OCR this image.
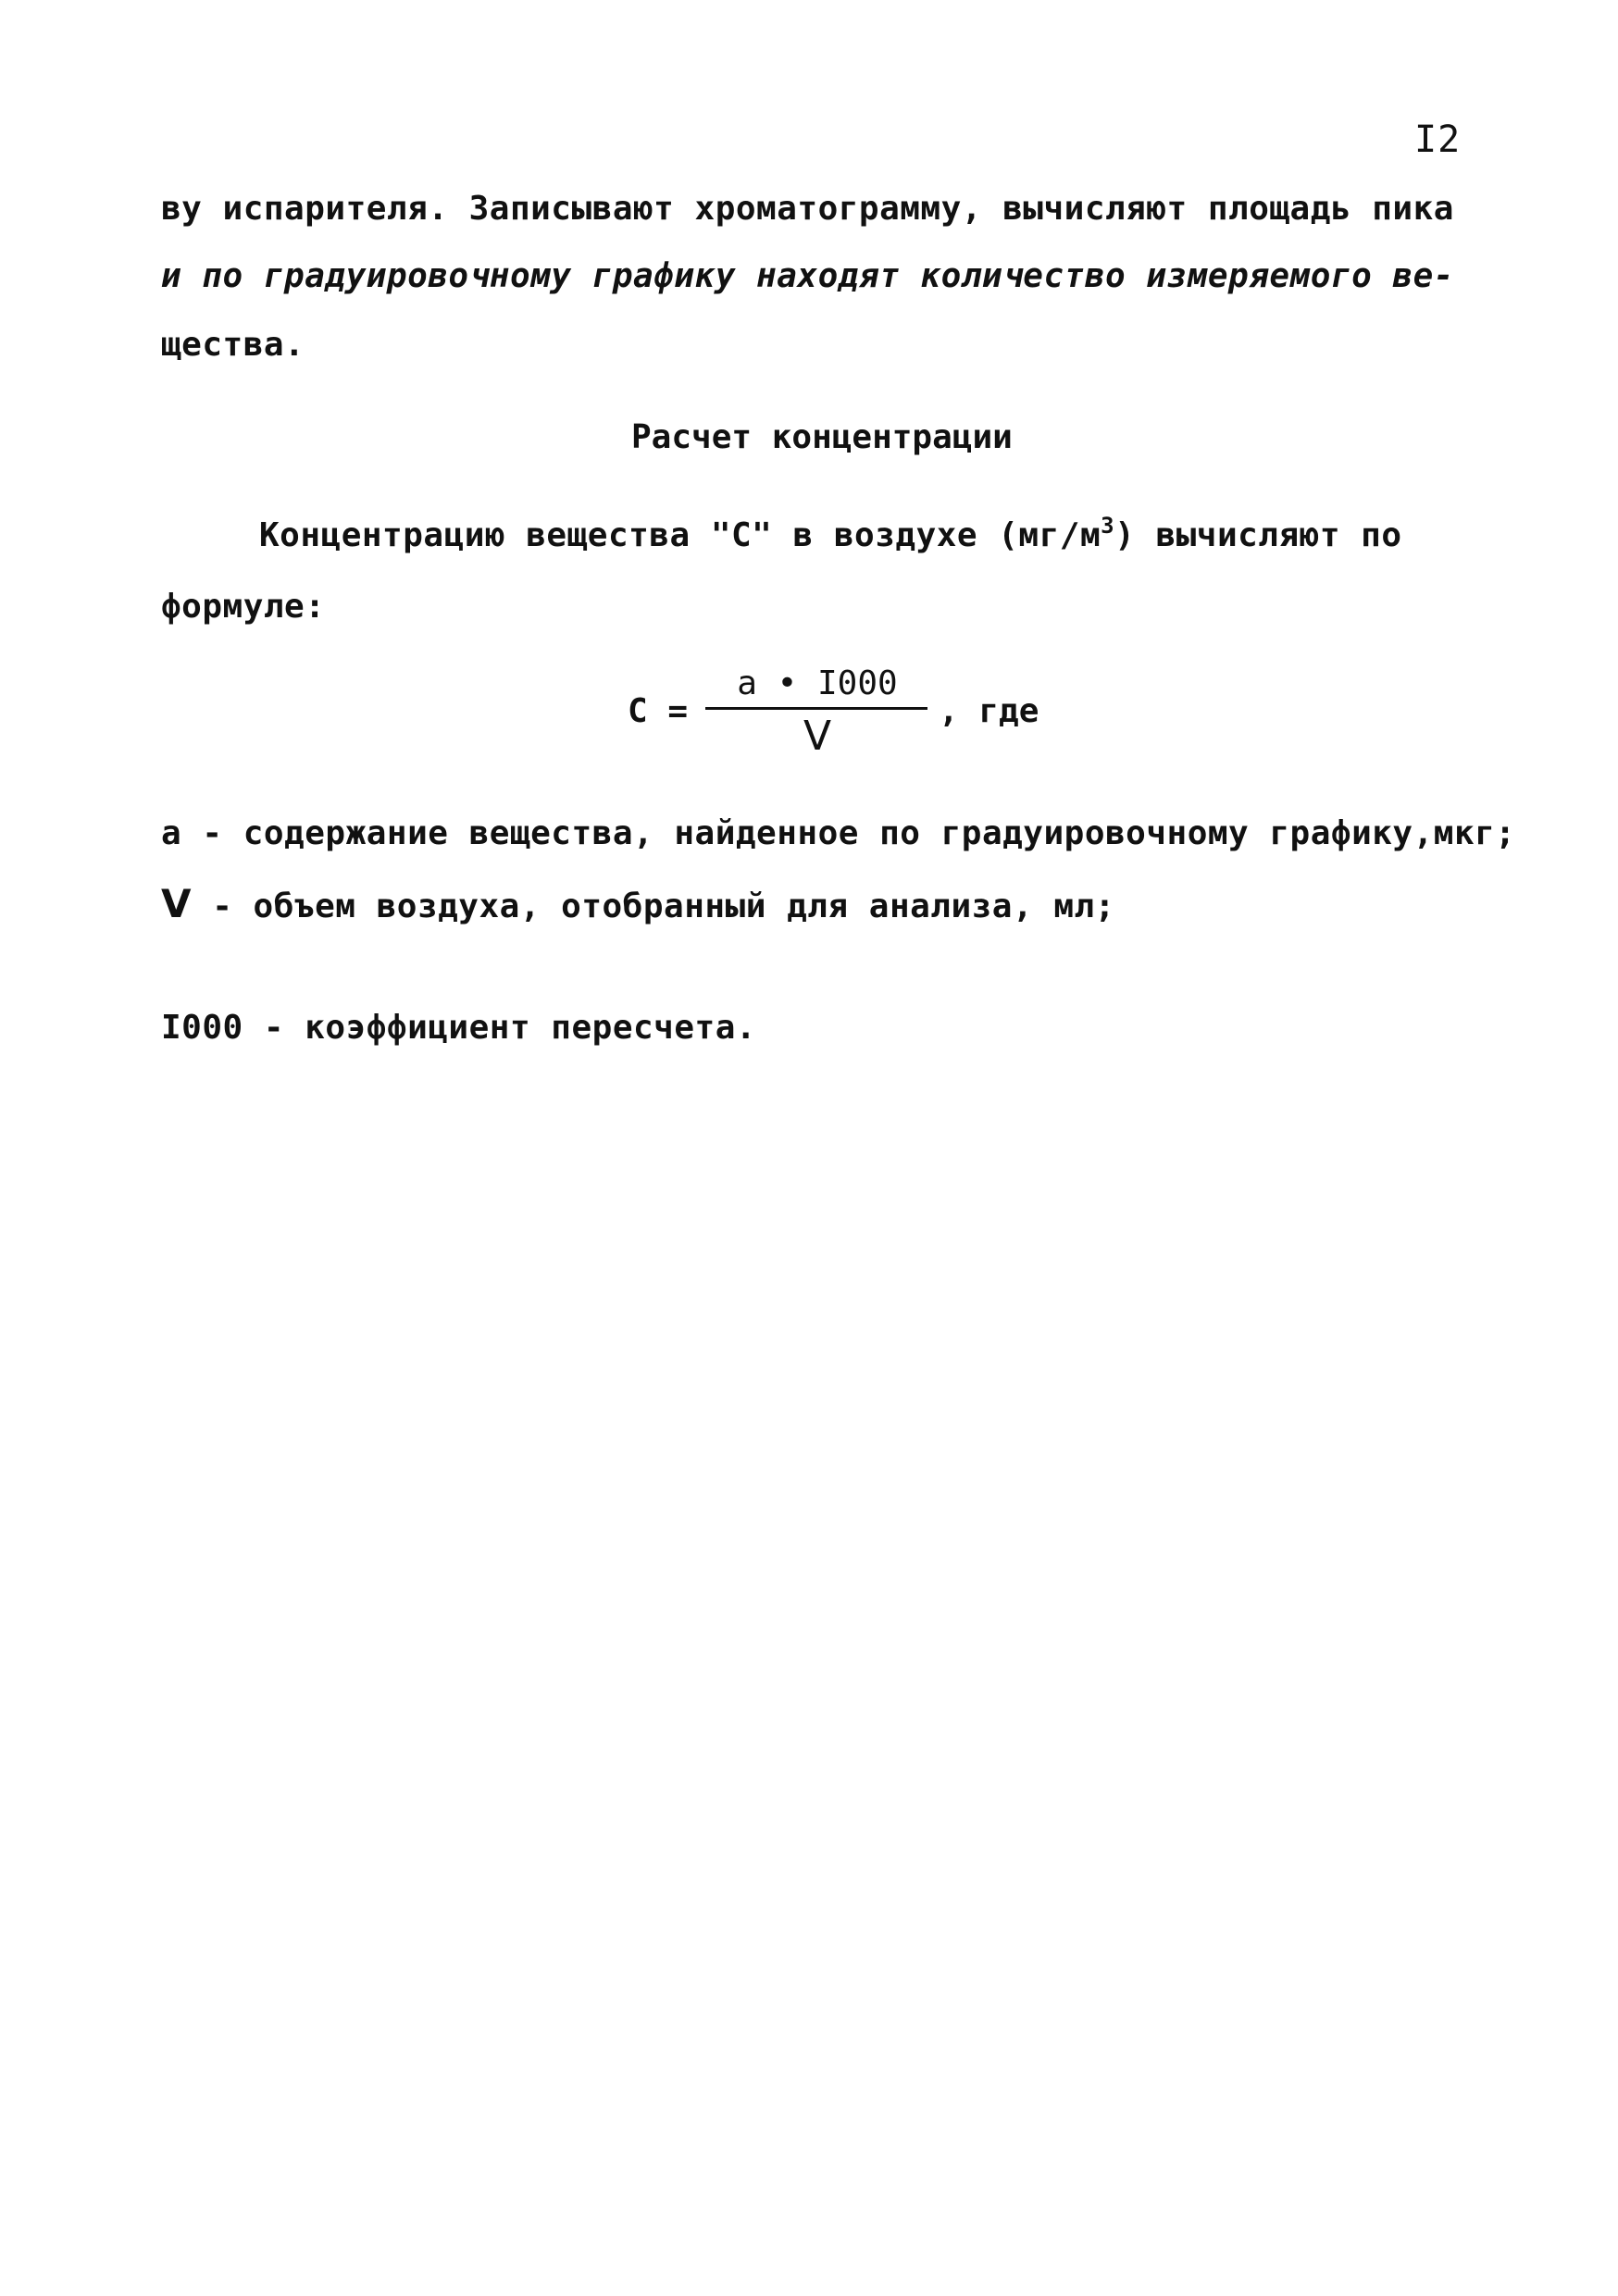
I2
ву испарителя. Записывают хроматограмму, вычисляют площадь пика
и по градуировочному графику находят количество измеряемого ве-
щества.
Расчет концентрации
Концентрацию вещества "С" в воздухе $(мг/м^3)$ вычисляют по
формуле:
С =
а • I000
V
, где
а - содержание вещества, найденное по градуировочному графику,мкг;
V - объем воздуха, отобранный для анализа, мл;
I000 - коэффициент пересчета.
